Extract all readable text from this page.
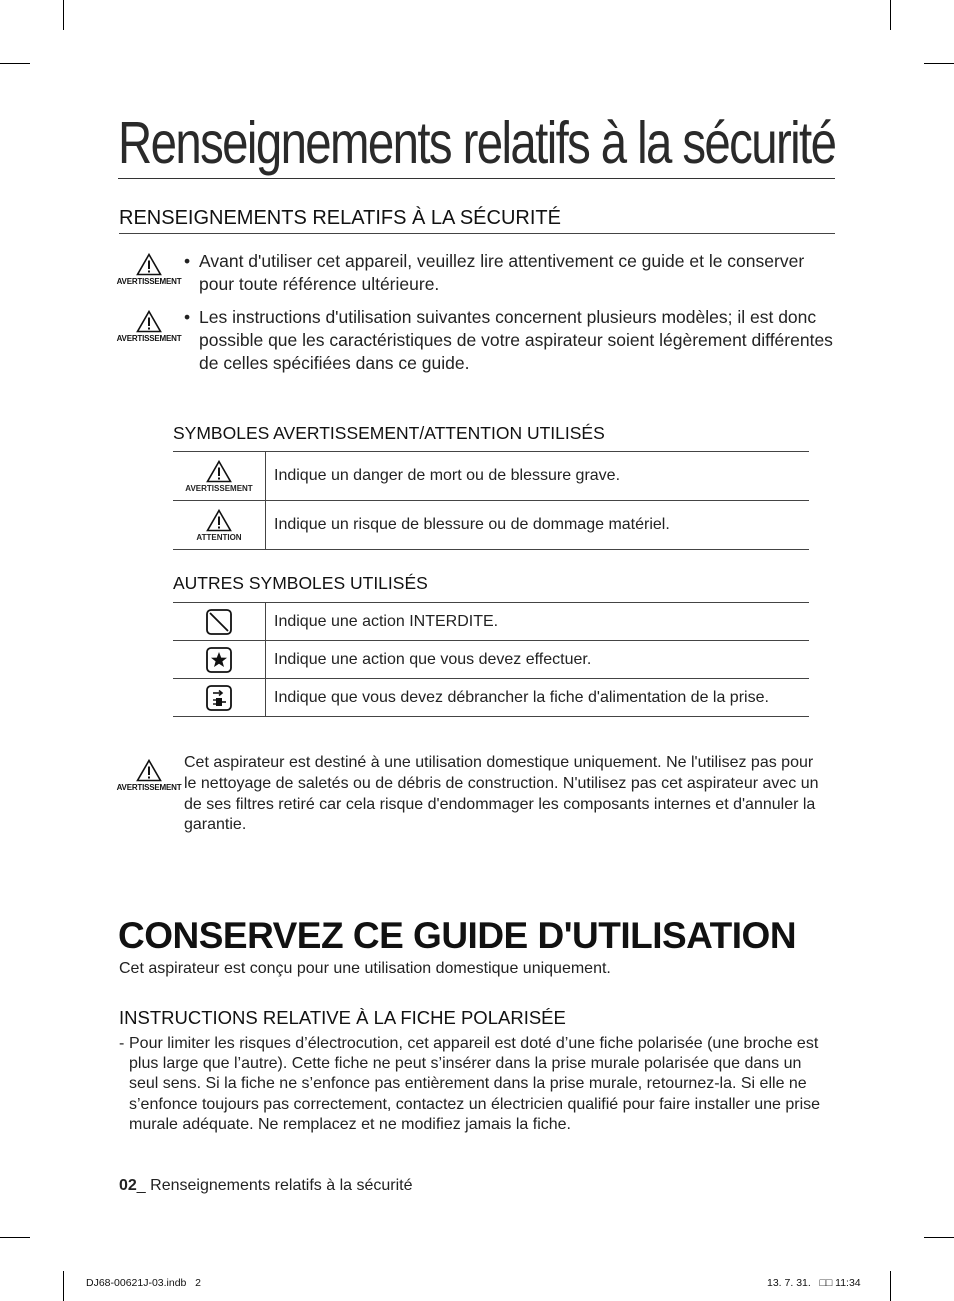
Renseignements relatifs à la sécurité
RENSEIGNEMENTS RELATIFS À LA SÉCURITÉ
AVERTISSEMENT
• Avant d'utiliser cet appareil, veuillez lire attentivement ce guide et le conserver pour toute référence ultérieure.
AVERTISSEMENT
• Les instructions d'utilisation suivantes concernent plusieurs modèles; il est donc possible que les caractéristiques de votre aspirateur soient légèrement différentes de celles spécifiées dans ce guide.
SYMBOLES AVERTISSEMENT/ATTENTION UTILISÉS
AVERTISSEMENT	Indique un danger de mort ou de blessure grave.

ATTENTION	Indique un risque de blessure ou de dommage matériel.
AUTRES SYMBOLES UTILISÉS
	Indique une action INTERDITE.

	Indique une action que vous devez effectuer.

	Indique que vous devez débrancher la fiche d'alimentation de la prise.
AVERTISSEMENT
Cet aspirateur est destiné à une utilisation domestique uniquement. Ne l'utilisez pas pour le nettoyage de saletés ou de débris de construction. N'utilisez pas cet aspirateur avec un de ses filtres retiré car cela risque d'endommager les composants internes et d'annuler la garantie.
CONSERVEZ CE GUIDE D'UTILISATION
Cet aspirateur est conçu pour une utilisation domestique uniquement.
INSTRUCTIONS RELATIVE À LA FICHE POLARISÉE
- Pour limiter les risques d’électrocution, cet appareil est doté d’une fiche polarisée (une broche est plus large que l’autre). Cette fiche ne peut s’insérer dans la prise murale polarisée que dans un seul sens. Si la fiche ne s’enfonce pas entièrement dans la prise murale, retournez-la. Si elle ne s’enfonce toujours pas correctement, contactez un électricien qualifié pour faire installer une prise murale adéquate. Ne remplacez et ne modifiez jamais la fiche.
02_ Renseignements relatifs à la sécurité
DJ68-00621J-03.indb   2	13. 7. 31.   □□ 11:34
